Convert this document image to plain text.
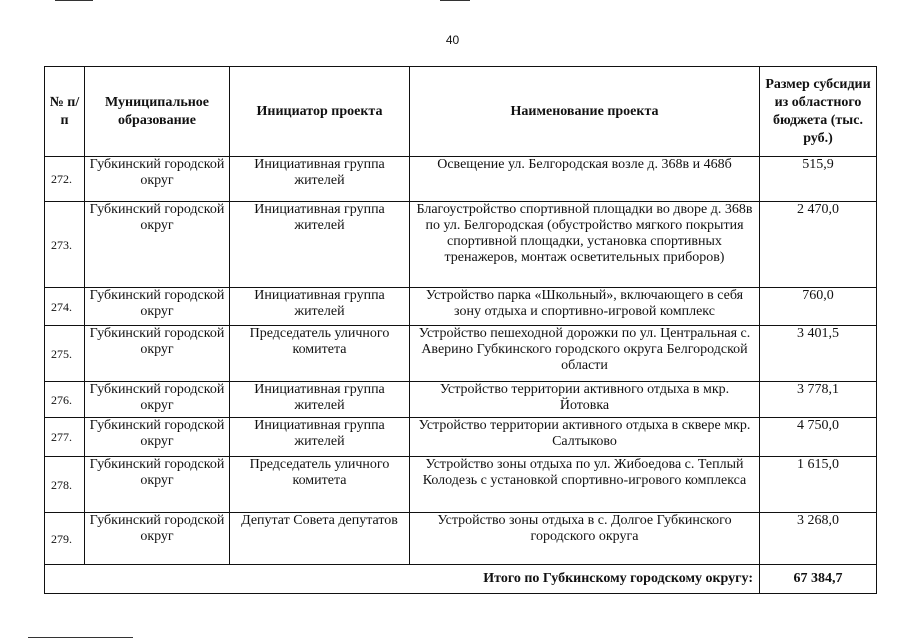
40
№ п/п	Муниципальное образование	Инициатор проекта	Наименование проекта	Размер субсидии из областного бюджета (тыс. руб.)
272.	Губкинский городской округ	Инициативная группа жителей	Освещение ул. Белгородская возле д. 368в и 468б	515,9
273.	Губкинский городской округ	Инициативная группа жителей	Благоустройство спортивной площадки во дворе д. 368в по ул. Белгородская (обустройство мягкого покрытия спортивной площадки, установка спортивных тренажеров, монтаж осветительных приборов)	2 470,0
274.	Губкинский городской округ	Инициативная группа жителей	Устройство парка «Школьный», включающего в себя зону отдыха и спортивно-игровой комплекс	760,0
275.	Губкинский городской округ	Председатель уличного комитета	Устройство пешеходной дорожки по ул. Центральная с. Аверино Губкинского городского округа Белгородской области	3 401,5
276.	Губкинский городской округ	Инициативная группа жителей	Устройство территории активного отдыха в мкр. Йотовка	3 778,1
277.	Губкинский городской округ	Инициативная группа жителей	Устройство территории активного отдыха в сквере мкр. Салтыково	4 750,0
278.	Губкинский городской округ	Председатель уличного комитета	Устройство зоны отдыха по ул. Жибоедова с. Теплый Колодезь с установкой спортивно-игрового комплекса	1 615,0
279.	Губкинский городской округ	Депутат Совета депутатов	Устройство зоны отдыха в с. Долгое Губкинского городского округа	3 268,0
Итого по Губкинскому городскому округу:				67 384,7
